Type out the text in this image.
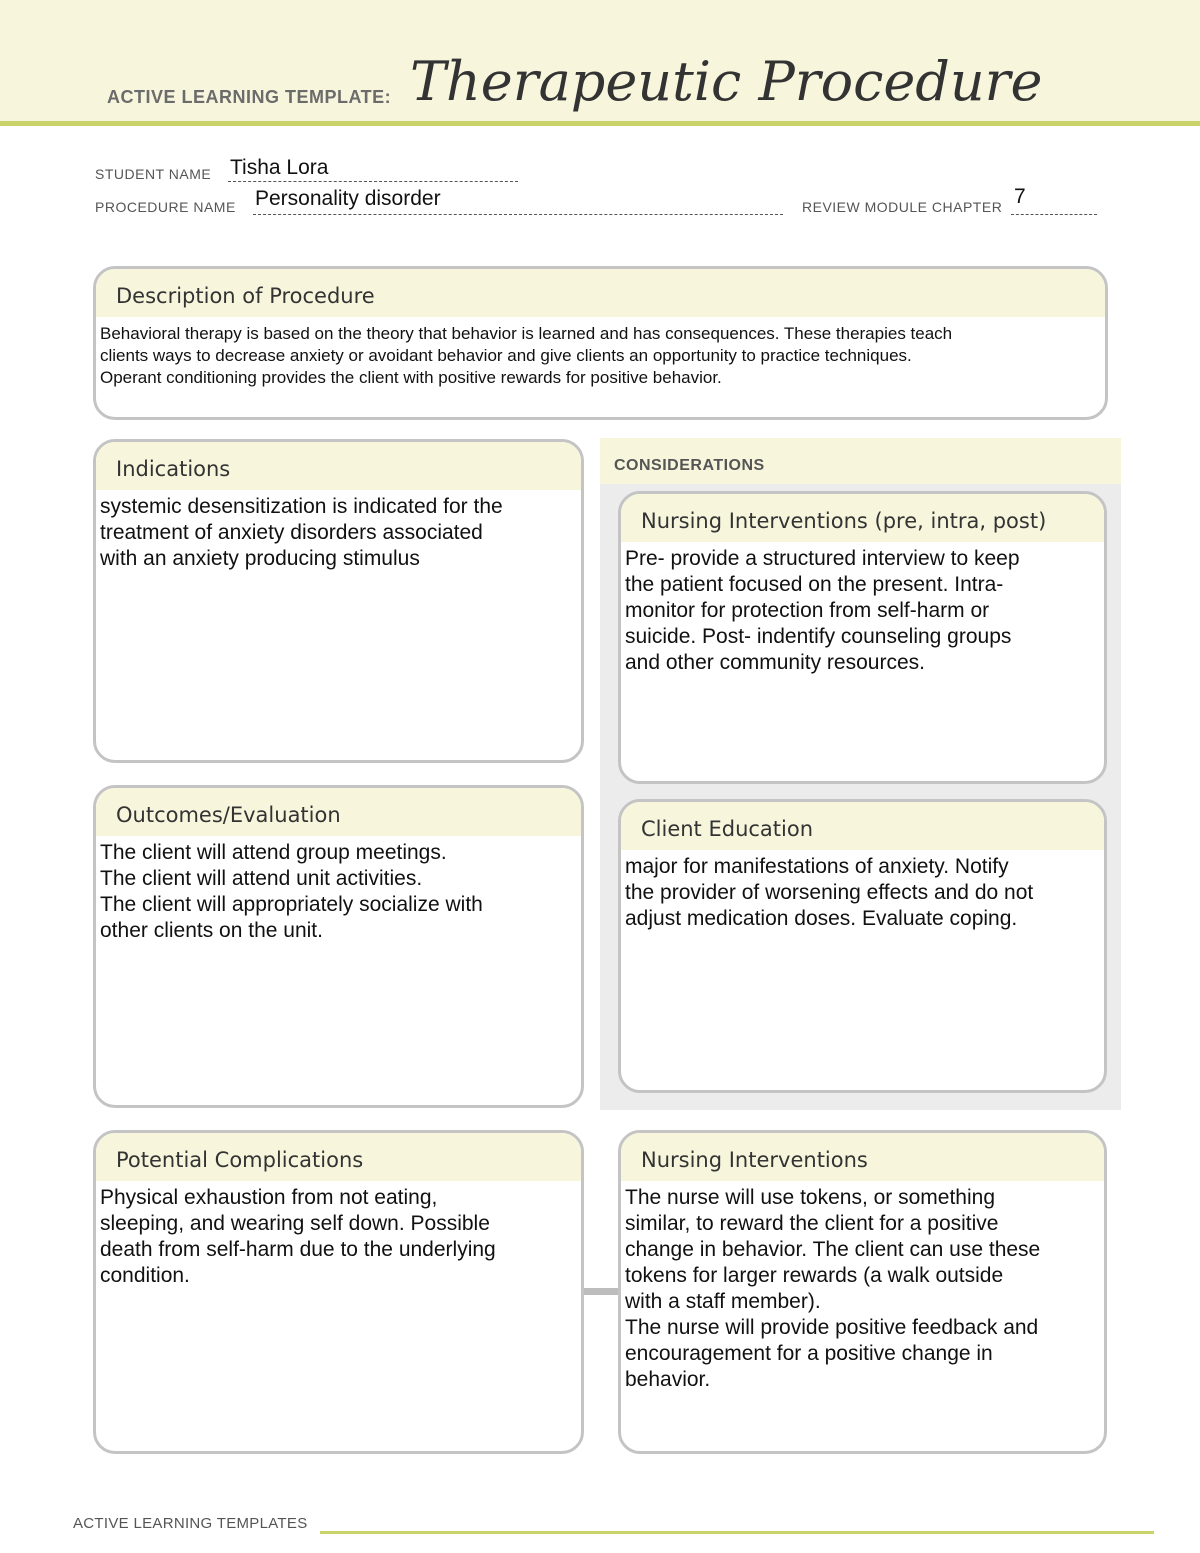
ACTIVE LEARNING TEMPLATE: Therapeutic Procedure
STUDENT NAME Tisha Lora
PROCEDURE NAME Personality disorder	REVIEW MODULE CHAPTER 7
Description of Procedure
Behavioral therapy is based on the theory that behavior is learned and has consequences. These therapies teach
clients ways to decrease anxiety or avoidant behavior and give clients an opportunity to practice techniques.
Operant conditioning provides the client with positive rewards for positive behavior.
CONSIDERATIONS
Indications
systemic desensitization is indicated for the
treatment of anxiety disorders associated
with an anxiety producing stimulus
Nursing Interventions (pre, intra, post)
Pre- provide a structured interview to keep
the patient focused on the present. Intra-
monitor for protection from self-harm or
suicide. Post- indentify counseling groups
and other community resources.
Outcomes/Evaluation
The client will attend group meetings.
The client will attend unit activities.
The client will appropriately socialize with
other clients on the unit.
Client Education
major for manifestations of anxiety. Notify
the provider of worsening effects and do not
adjust medication doses. Evaluate coping.
Potential Complications
Physical exhaustion from not eating,
sleeping, and wearing self down. Possible
death from self-harm due to the underlying
condition.
Nursing Interventions
The nurse will use tokens, or something
similar, to reward the client for a positive
change in behavior. The client can use these
tokens for larger rewards (a walk outside
with a staff member).
The nurse will provide positive feedback and
encouragement for a positive change in
behavior.
ACTIVE LEARNING TEMPLATES
